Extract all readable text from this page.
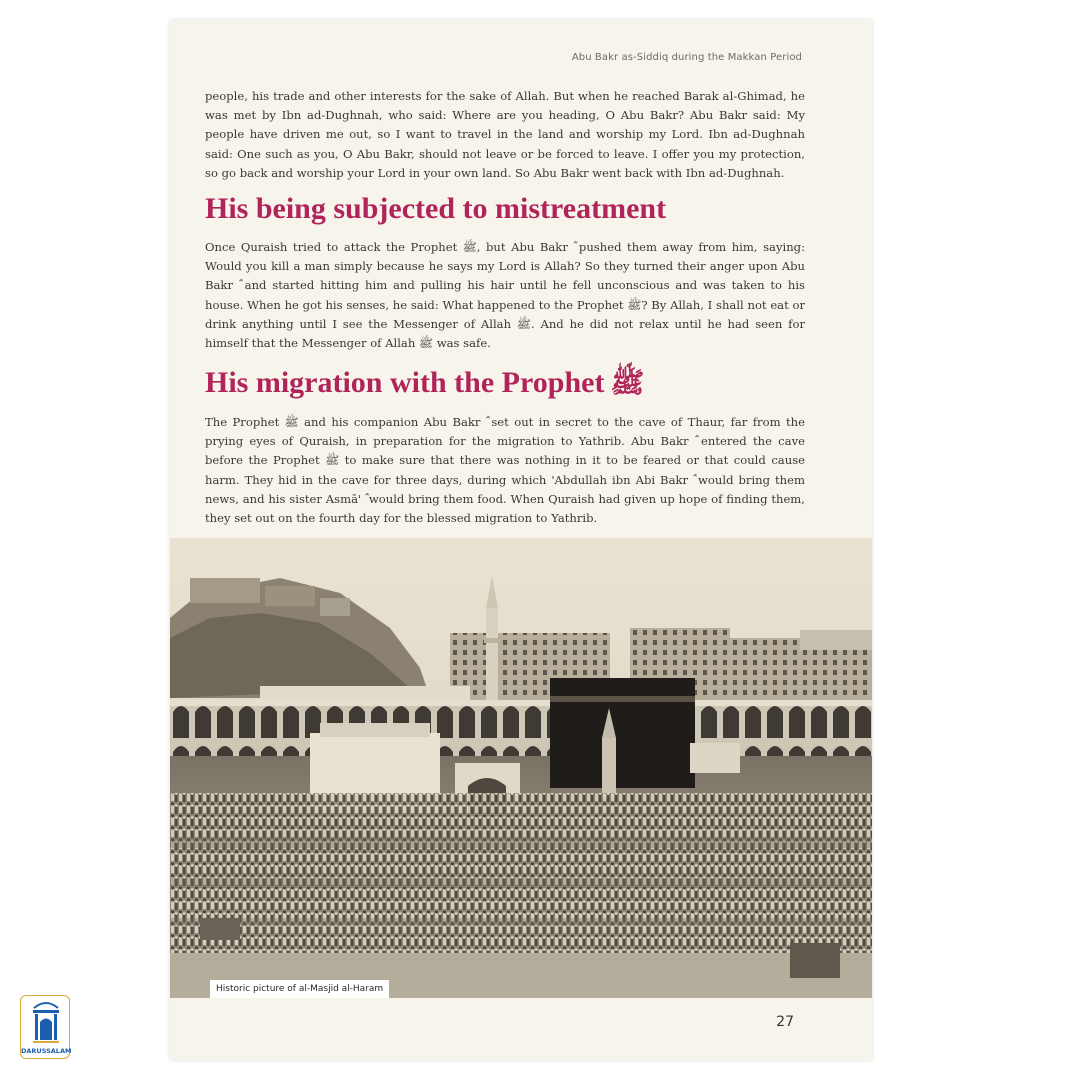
Abu Bakr as-Siddiq during the Makkan Period

people, his trade and other interests for the sake of Allah. But when he reached Barak al-Ghimad, he was met by Ibn ad-Dughnah, who said: Where are you heading, O Abu Bakr? Abu Bakr said: My people have driven me out, so I want to travel in the land and worship my Lord. Ibn ad-Dughnah said: One such as you, O Abu Bakr, should not leave or be forced to leave. I offer you my protection, so go back and worship your Lord in your own land. So Abu Bakr went back with Ibn ad-Dughnah.

His being subjected to mistreatment

Once Quraish tried to attack the Prophet ﷺ, but Abu Bakr ؓ pushed them away from him, saying: Would you kill a man simply because he says my Lord is Allah? So they turned their anger upon Abu Bakr ؓ and started hitting him and pulling his hair until he fell unconscious and was taken to his house. When he got his senses, he said: What happened to the Prophet ﷺ? By Allah, I shall not eat or drink anything until I see the Messenger of Allah ﷺ. And he did not relax until he had seen for himself that the Messenger of Allah ﷺ was safe.

His migration with the Prophet ﷺ

The Prophet ﷺ and his companion Abu Bakr ؓ set out in secret to the cave of Thaur, far from the prying eyes of Quraish, in preparation for the migration to Yathrib. Abu Bakr ؓ entered the cave before the Prophet ﷺ to make sure that there was nothing in it to be feared or that could cause harm. They hid in the cave for three days, during which 'Abdullah ibn Abi Bakr ؓ would bring them news, and his sister Asmā' ؓ would bring them food. When Quraish had given up hope of finding them, they set out on the fourth day for the blessed migration to Yathrib.

Historic picture of al-Masjid al-Haram
27
DARUSSALAM
